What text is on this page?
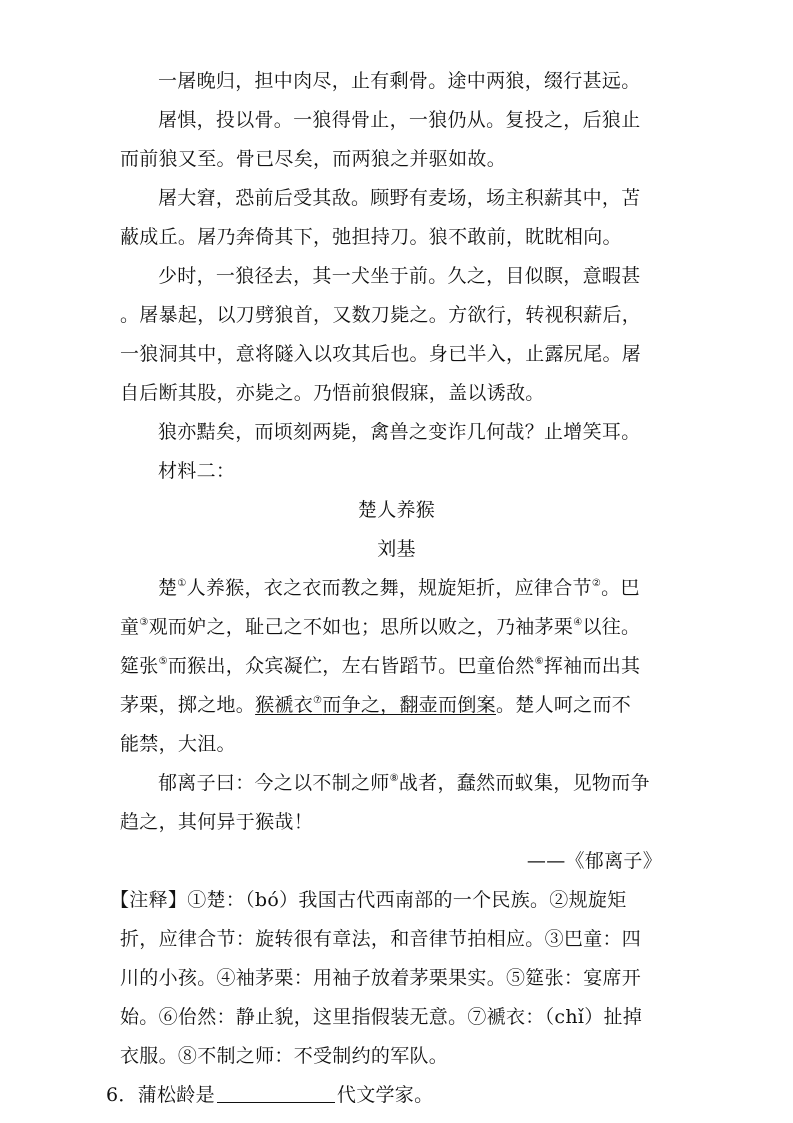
一屠晚归，担中肉尽，止有剩骨。途中两狼，缀行甚远。
屠惧，投以骨。一狼得骨止，一狼仍从。复投之，后狼止
而前狼又至。骨已尽矣，而两狼之并驱如故。
屠大窘，恐前后受其敌。顾野有麦场，场主积薪其中，苫
蔽成丘。屠乃奔倚其下，弛担持刀。狼不敢前，眈眈相向。
少时，一狼径去，其一犬坐于前。久之，目似瞑，意暇甚
。屠暴起，以刀劈狼首，又数刀毙之。方欲行，转视积薪后，
一狼洞其中，意将隧入以攻其后也。身已半入，止露尻尾。屠
自后断其股，亦毙之。乃悟前狼假寐，盖以诱敌。
狼亦黠矣，而顷刻两毙，禽兽之变诈几何哉？止增笑耳。
材料二：
楚人养猴
刘基
楚①人养猴，衣之衣而教之舞，规旋矩折，应律合节②。巴
童③观而妒之，耻己之不如也；思所以败之，乃袖茅栗④以往。
筵张⑤而猴出，众宾凝伫，左右皆蹈节。巴童佁然⑥挥袖而出其
茅栗，掷之地。猴褫衣⑦而争之，翻壶而倒案。楚人呵之而不
能禁，大沮。
郁离子曰：今之以不制之师⑧战者，蠢然而蚁集，见物而争
趋之，其何异于猴哉！
——《郁离子》
【注释】①楚：（bó）我国古代西南部的一个民族。②规旋矩
折，应律合节：旋转很有章法，和音律节拍相应。③巴童：四
川的小孩。④袖茅栗：用袖子放着茅栗果实。⑤筵张：宴席开
始。⑥佁然：静止貌，这里指假装无意。⑦褫衣：（chǐ）扯掉
衣服。⑧不制之师：不受制约的军队。
6．蒲松龄是	代文学家。
